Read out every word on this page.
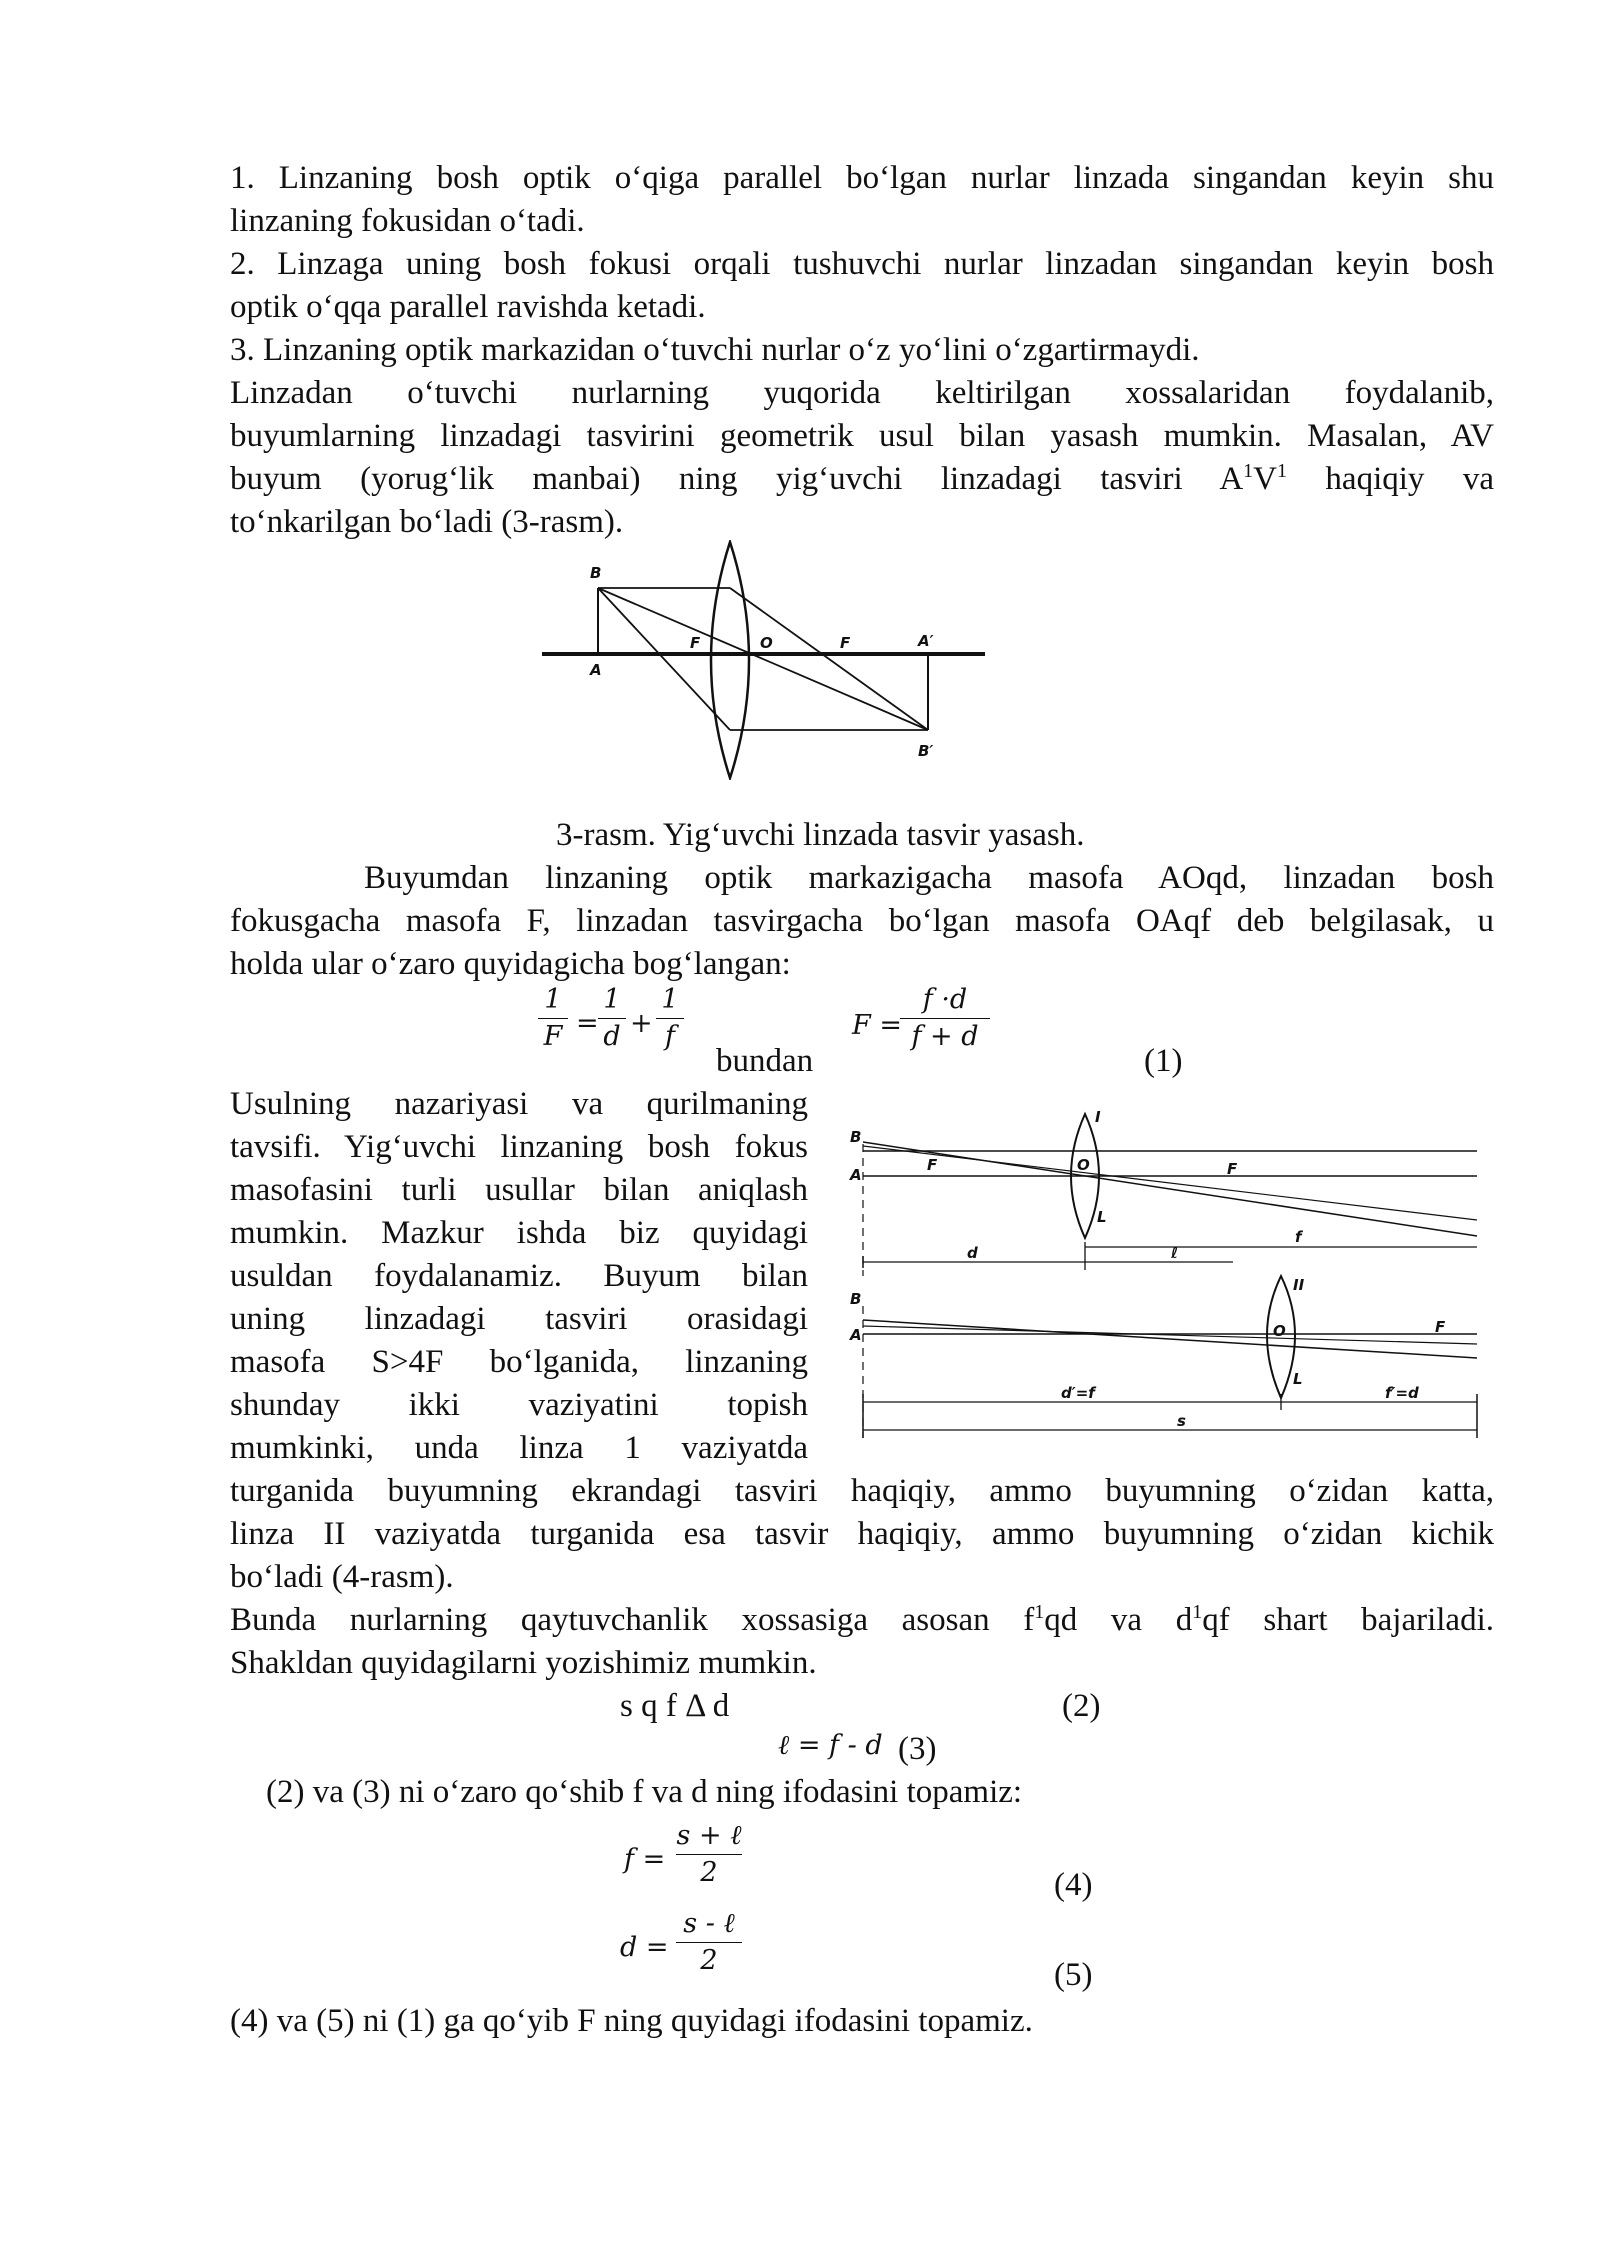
1. Linzaning bosh optik o‘qiga parallel bo‘lgan nurlar linzada singandan keyin shu
linzaning fokusidan o‘tadi.
2. Linzaga uning bosh fokusi orqali tushuvchi nurlar linzadan singandan keyin bosh
optik o‘qqa parallel ravishda ketadi.
3. Linzaning optik markazidan o‘tuvchi nurlar o‘z yo‘lini o‘zgartirmaydi.
Linzadan o‘tuvchi nurlarning yuqorida keltirilgan xossalaridan foydalanib,
buyumlarning linzadagi tasvirini geometrik usul bilan yasash mumkin. Masalan, AV
buyum (yorug‘lik manbai) ning yig‘uvchi linzadagi tasviri $A^1V^1$ haqiqiy va
to‘nkarilgan bo‘ladi (3-rasm).
B
A
F	O	F	A′
B′
3-rasm. Yig‘uvchi linzada tasvir yasash.
Buyumdan linzaning optik markazigacha masofa AOqd, linzadan bosh
fokusgacha masofa F, linzadan tasvirgacha bo‘lgan masofa OAqf deb belgilasak, u
holda ular o‘zaro quyidagicha bog‘langan:
1
F =
1
d +
1
f
bundan
F =
f ·d
f + d
(1)
Usulning nazariyasi va qurilmaning
tavsifi. Yig‘uvchi linzaning bosh fokus
masofasini turli usullar bilan aniqlash
mumkin. Mazkur ishda biz quyidagi
usuldan foydalanamiz. Buyum bilan
uning linzadagi tasviri orasidagi
masofa S>4F bo‘lganida, linzaning
shunday ikki vaziyatini topish
mumkinki, unda linza 1 vaziyatda
B
A
I
O
F	F
L
f
d	ℓ
B
A
II
O	F
L
d′=f	f′=d
s
turganida buyumning ekrandagi tasviri haqiqiy, ammo buyumning o‘zidan katta,
linza II vaziyatda turganida esa tasvir haqiqiy, ammo buyumning o‘zidan kichik
bo‘ladi (4-rasm).
Bunda nurlarning qaytuvchanlik xossasiga asosan $f^1qd$ va $d^1qf$ shart bajariladi.
Shakldan quyidagilarni yozishimiz mumkin.
s q f Δ d	(2)
ℓ = f - d (3)
(2) va (3) ni o‘zaro qo‘shib f va d ning ifodasini topamiz:
f =
s + ℓ
2	(4)
d =
s - ℓ
2	(5)
(4) va (5) ni (1) ga qo‘yib F ning quyidagi ifodasini topamiz.
